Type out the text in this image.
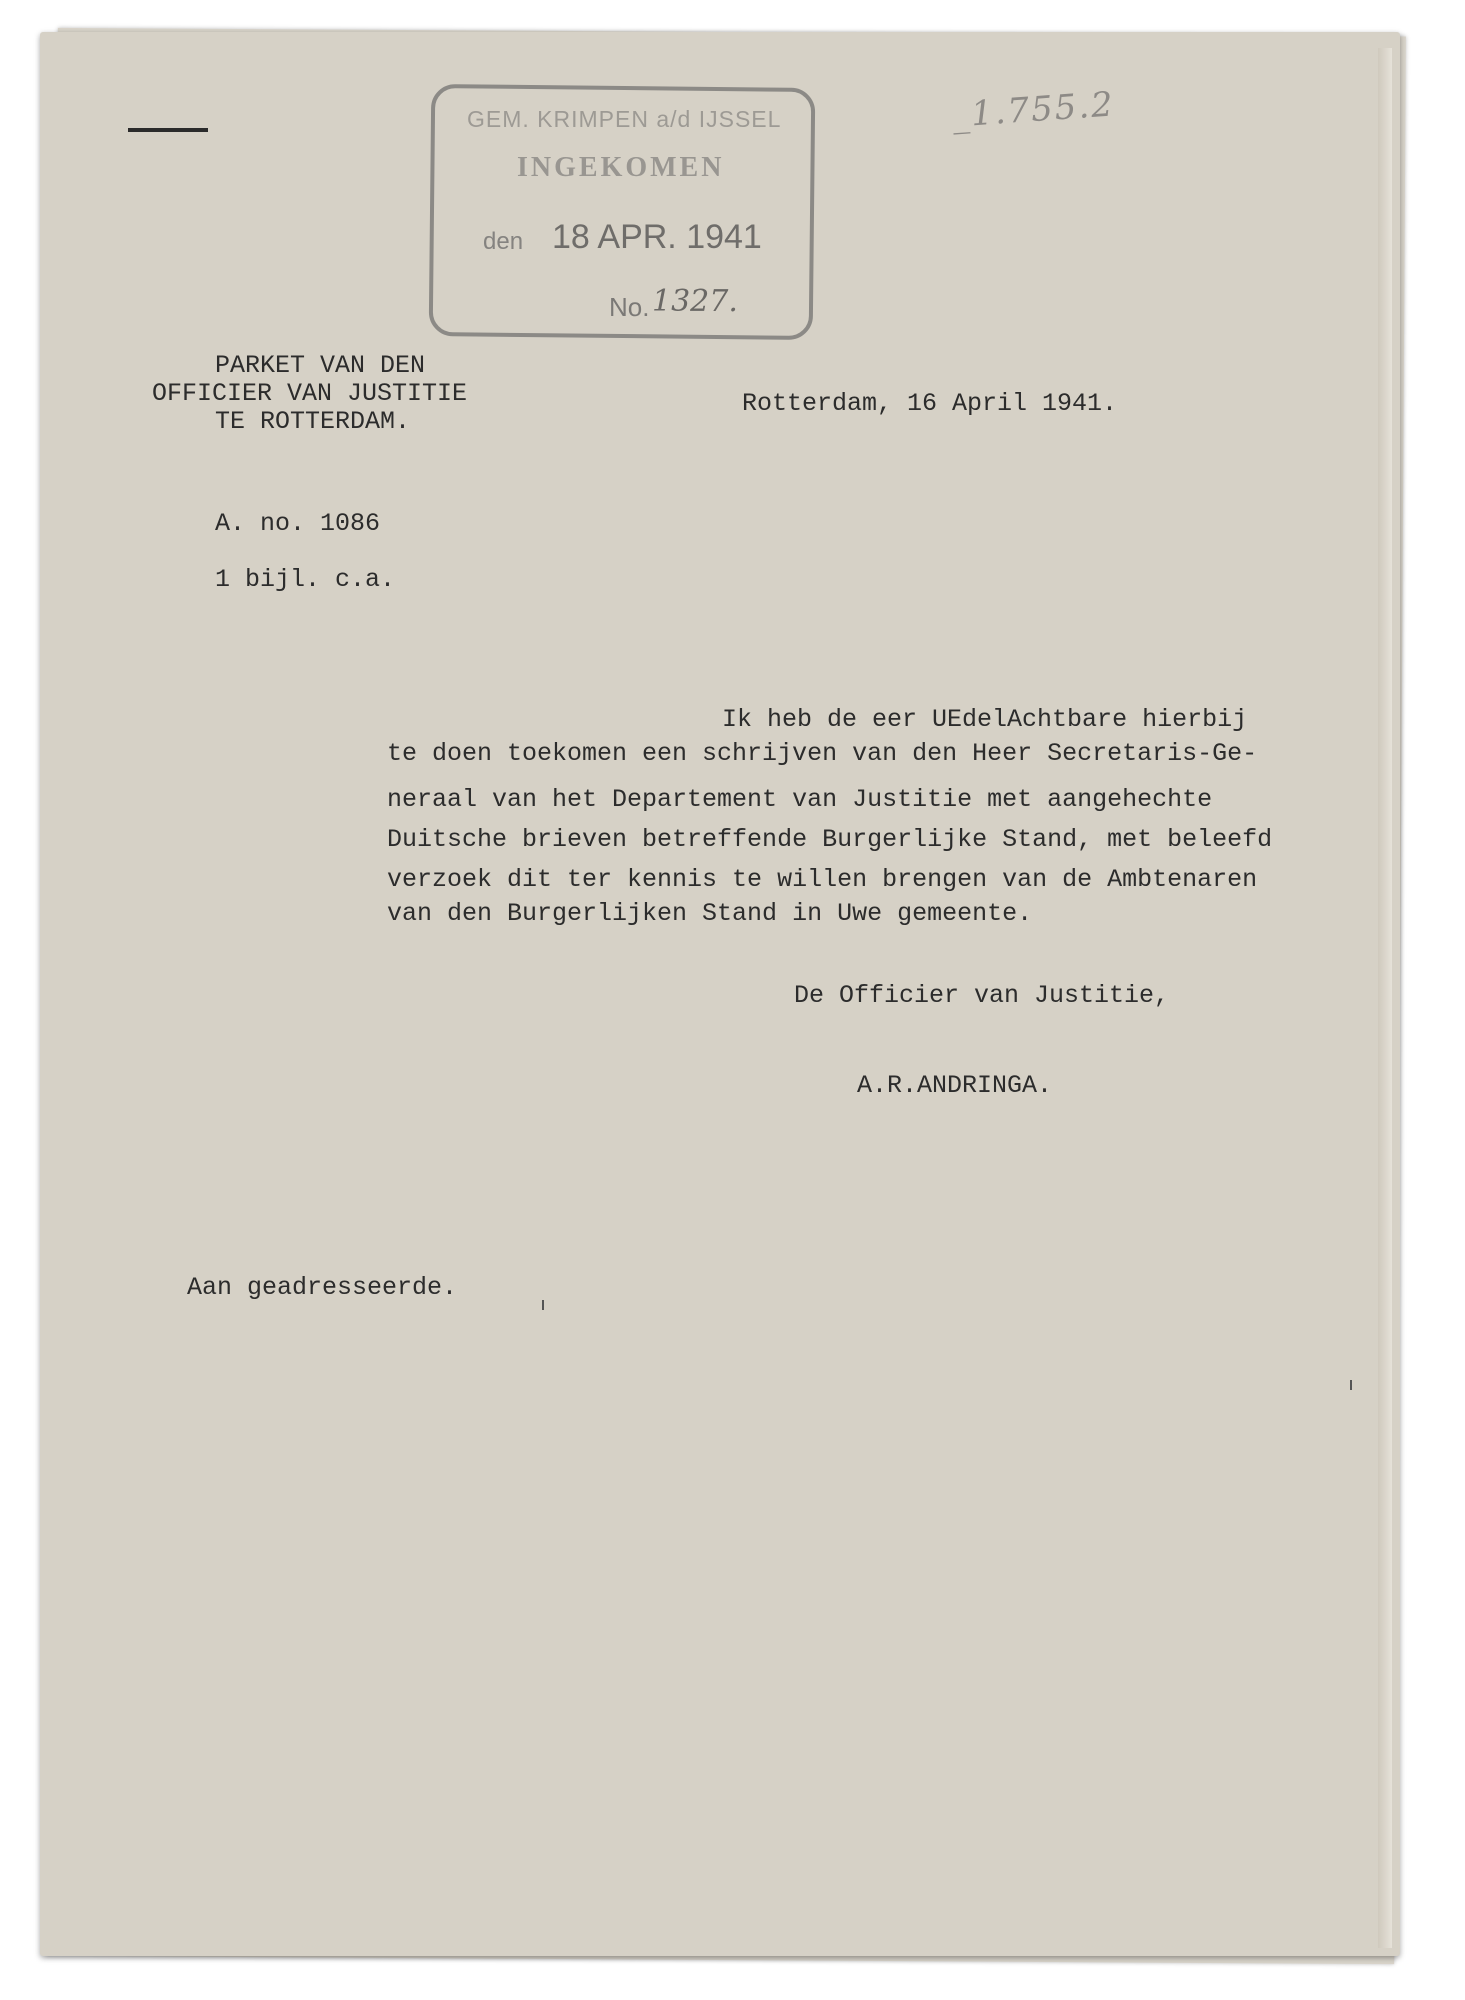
GEM. KRIMPEN a/d IJSSEL
INGEKOMEN
den 18 APR. 1941
No. 1327.
_1.755.2
PARKET VAN DEN
OFFICIER VAN JUSTITIE
TE ROTTERDAM.
Rotterdam, 16 April 1941.
A. no. 1086
1 bijl. c.a.
Ik heb de eer UEdelAchtbare hierbij
te doen toekomen een schrijven van den Heer Secretaris-Ge-
neraal van het Departement van Justitie met aangehechte
Duitsche brieven betreffende Burgerlijke Stand, met beleefd
verzoek dit ter kennis te willen brengen van de Ambtenaren
van den Burgerlijken Stand in Uwe gemeente.
De Officier van Justitie,
A.R.ANDRINGA.
Aan geadresseerde.
